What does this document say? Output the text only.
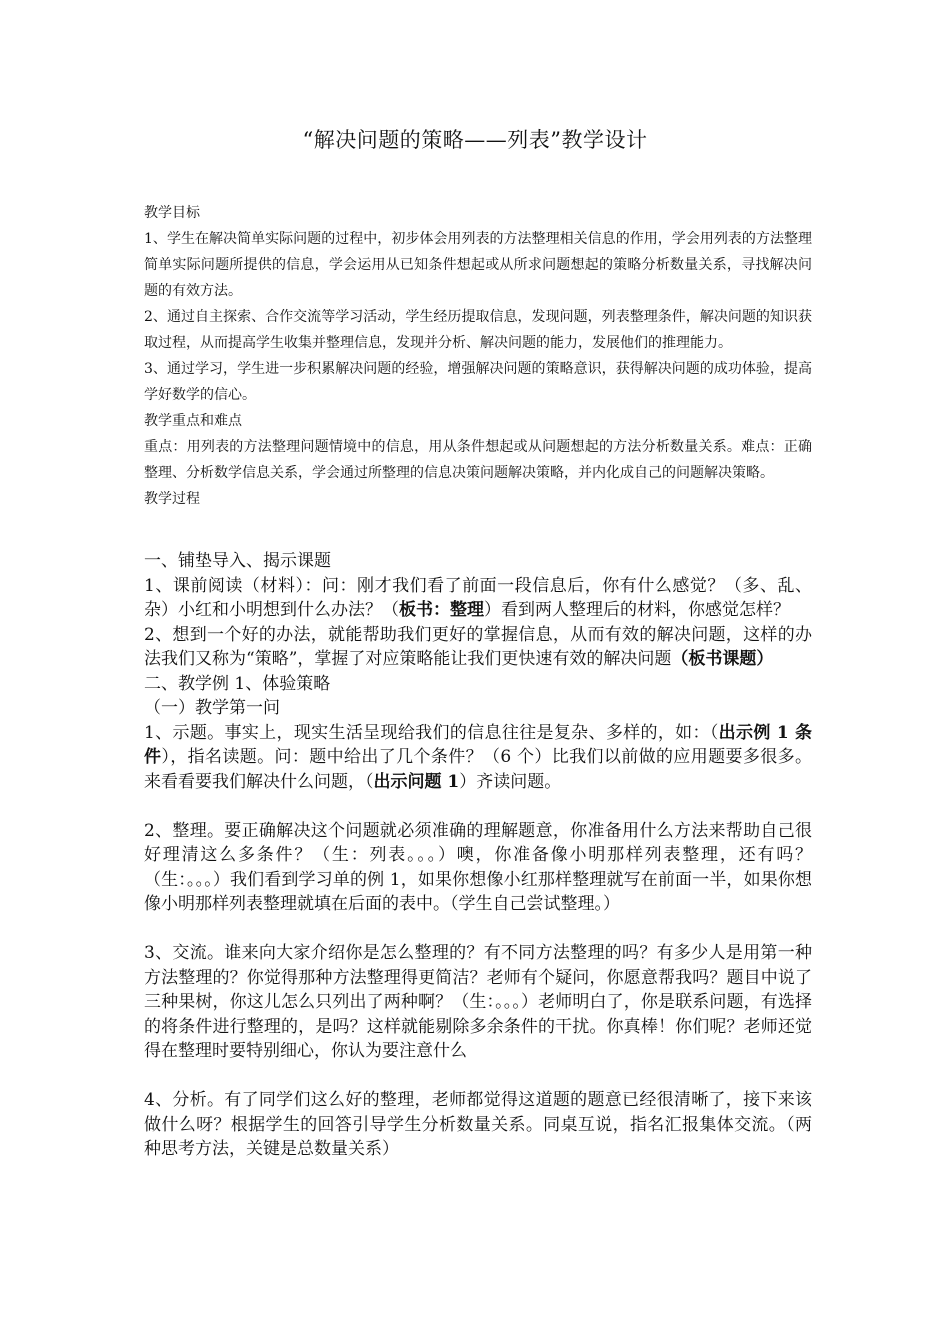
“解决问题的策略——列表”教学设计

教学目标

1、学生在解决简单实际问题的过程中，初步体会用列表的方法整理相关信息的作用，学会用列表的方法整理简单实际问题所提供的信息，学会运用从已知条件想起或从所求问题想起的策略分析数量关系，寻找解决问题的有效方法。

2、通过自主探索、合作交流等学习活动，学生经历提取信息，发现问题，列表整理条件，解决问题的知识获取过程，从而提高学生收集并整理信息，发现并分析、解决问题的能力，发展他们的推理能力。

3、通过学习，学生进一步积累解决问题的经验，增强解决问题的策略意识，获得解决问题的成功体验，提高学好数学的信心。

教学重点和难点

重点：用列表的方法整理问题情境中的信息，用从条件想起或从问题想起的方法分析数量关系。难点：正确整理、分析数学信息关系，学会通过所整理的信息决策问题解决策略，并内化成自己的问题解决策略。

教学过程

一、铺垫导入、揭示课题

1、课前阅读（材料）：问：刚才我们看了前面一段信息后，你有什么感觉？（多、乱、杂）小红和小明想到什么办法？（板书：整理）看到两人整理后的材料，你感觉怎样？

2、想到一个好的办法，就能帮助我们更好的掌握信息，从而有效的解决问题，这样的办法我们又称为“策略”，掌握了对应策略能让我们更快速有效的解决问题（板书课题）

二、教学例 1、体验策略

（一）教学第一问

1、示题。事实上，现实生活呈现给我们的信息往往是复杂、多样的，如：（出示例 1 条件），指名读题。问：题中给出了几个条件？（6 个）比我们以前做的应用题要多很多。来看看要我们解决什么问题，（出示问题 1）齐读问题。

2、整理。要正确解决这个问题就必须准确的理解题意，你准备用什么方法来帮助自己很好理清这么多条件？（生：列表。。。）噢，你准备像小明那样列表整理，还有吗？（生：。。。）我们看到学习单的例 1，如果你想像小红那样整理就写在前面一半，如果你想像小明那样列表整理就填在后面的表中。（学生自己尝试整理。）

3、交流。谁来向大家介绍你是怎么整理的？有不同方法整理的吗？有多少人是用第一种方法整理的？你觉得那种方法整理得更简洁？老师有个疑问，你愿意帮我吗？题目中说了三种果树，你这儿怎么只列出了两种啊？（生：。。。）老师明白了，你是联系问题，有选择的将条件进行整理的，是吗？这样就能剔除多余条件的干扰。你真棒！你们呢？老师还觉得在整理时要特别细心，你认为要注意什么

4、分析。有了同学们这么好的整理，老师都觉得这道题的题意已经很清晰了，接下来该做什么呀？根据学生的回答引导学生分析数量关系。同桌互说，指名汇报集体交流。（两种思考方法，关键是总数量关系）
